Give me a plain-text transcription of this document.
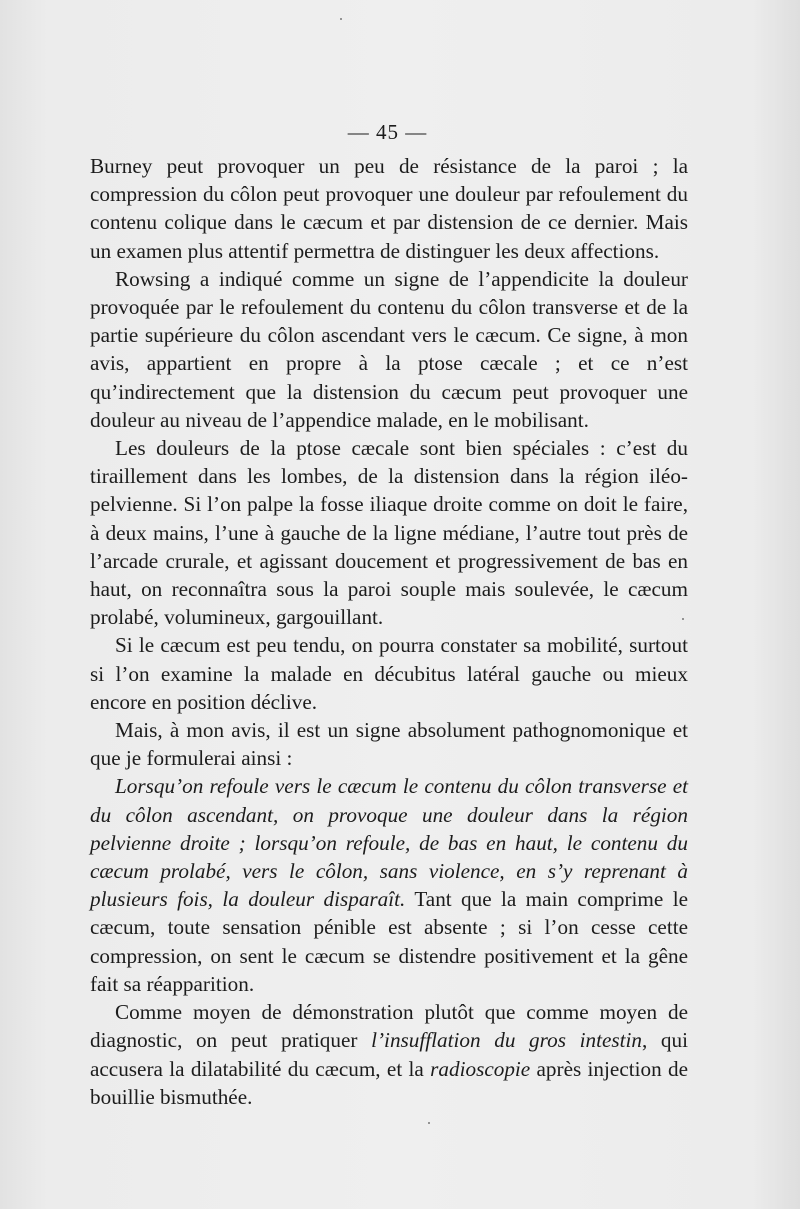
— 45 —

Burney peut provoquer un peu de résistance de la paroi ; la compression du côlon peut provoquer une douleur par refoulement du contenu colique dans le cæcum et par distension de ce dernier. Mais un examen plus attentif permettra de distinguer les deux affections.

Rowsing a indiqué comme un signe de l’appendicite la douleur provoquée par le refoulement du contenu du côlon transverse et de la partie supérieure du côlon ascendant vers le cæcum. Ce signe, à mon avis, appartient en propre à la ptose cæcale ; et ce n’est qu’indirectement que la distension du cæcum peut provoquer une douleur au niveau de l’appendice malade, en le mobilisant.

Les douleurs de la ptose cæcale sont bien spéciales : c’est du tiraillement dans les lombes, de la distension dans la région iléo-pelvienne. Si l’on palpe la fosse iliaque droite comme on doit le faire, à deux mains, l’une à gauche de la ligne médiane, l’autre tout près de l’arcade crurale, et agissant doucement et progressivement de bas en haut, on reconnaîtra sous la paroi souple mais soulevée, le cæcum prolabé, volumineux, gargouillant.

Si le cæcum est peu tendu, on pourra constater sa mobilité, surtout si l’on examine la malade en décubitus latéral gauche ou mieux encore en position déclive.

Mais, à mon avis, il est un signe absolument pathognomonique et que je formulerai ainsi :

Lorsqu’on refoule vers le cæcum le contenu du côlon transverse et du côlon ascendant, on provoque une douleur dans la région pelvienne droite ; lorsqu’on refoule, de bas en haut, le contenu du cæcum prolabé, vers le côlon, sans violence, en s’y reprenant à plusieurs fois, la douleur disparaît. Tant que la main comprime le cæcum, toute sensation pénible est absente ; si l’on cesse cette compression, on sent le cæcum se distendre positivement et la gêne fait sa réapparition.

Comme moyen de démonstration plutôt que comme moyen de diagnostic, on peut pratiquer l’insufflation du gros intestin, qui accusera la dilatabilité du cæcum, et la radioscopie après injection de bouillie bismuthée.
